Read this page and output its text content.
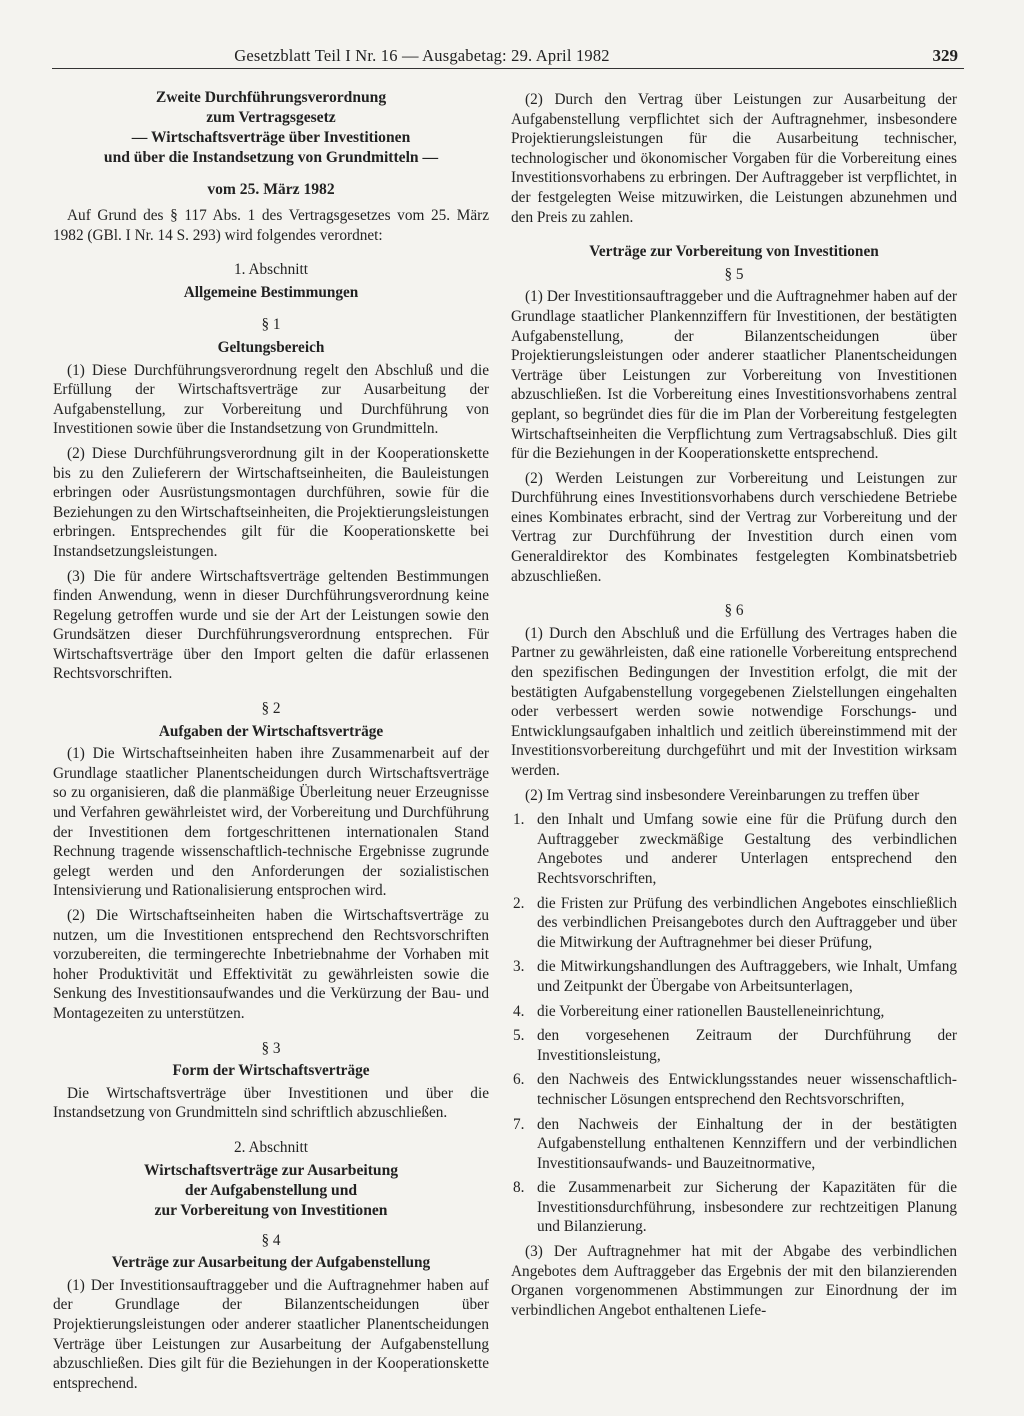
Gesetzblatt Teil I Nr. 16 — Ausgabetag: 29. April 1982	329
Zweite Durchführungsverordnung
zum Vertragsgesetz
— Wirtschaftsverträge über Investitionen
und über die Instandsetzung von Grundmitteln —
vom 25. März 1982

Auf Grund des § 117 Abs. 1 des Vertragsgesetzes vom 25. März 1982 (GBl. I Nr. 14 S. 293) wird folgendes verordnet:

1. Abschnitt
Allgemeine Bestimmungen
§ 1
Geltungsbereich

(1) Diese Durchführungsverordnung regelt den Abschluß und die Erfüllung der Wirtschaftsverträge zur Ausarbeitung der Aufgabenstellung, zur Vorbereitung und Durchführung von Investitionen sowie über die Instandsetzung von Grundmitteln.

(2) Diese Durchführungsverordnung gilt in der Kooperationskette bis zu den Zulieferern der Wirtschaftseinheiten, die Bauleistungen erbringen oder Ausrüstungsmontagen durchführen, sowie für die Beziehungen zu den Wirtschaftseinheiten, die Projektierungsleistungen erbringen. Entsprechendes gilt für die Kooperationskette bei Instandsetzungsleistungen.

(3) Die für andere Wirtschaftsverträge geltenden Bestimmungen finden Anwendung, wenn in dieser Durchführungsverordnung keine Regelung getroffen wurde und sie der Art der Leistungen sowie den Grundsätzen dieser Durchführungsverordnung entsprechen. Für Wirtschaftsverträge über den Import gelten die dafür erlassenen Rechtsvorschriften.

§ 2
Aufgaben der Wirtschaftsverträge

(1) Die Wirtschaftseinheiten haben ihre Zusammenarbeit auf der Grundlage staatlicher Planentscheidungen durch Wirtschaftsverträge so zu organisieren, daß die planmäßige Überleitung neuer Erzeugnisse und Verfahren gewährleistet wird, der Vorbereitung und Durchführung der Investitionen dem fortgeschrittenen internationalen Stand Rechnung tragende wissenschaftlich-technische Ergebnisse zugrunde gelegt werden und den Anforderungen der sozialistischen Intensivierung und Rationalisierung entsprochen wird.

(2) Die Wirtschaftseinheiten haben die Wirtschaftsverträge zu nutzen, um die Investitionen entsprechend den Rechtsvorschriften vorzubereiten, die termingerechte Inbetriebnahme der Vorhaben mit hoher Produktivität und Effektivität zu gewährleisten sowie die Senkung des Investitionsaufwandes und die Verkürzung der Bau- und Montagezeiten zu unterstützen.

§ 3
Form der Wirtschaftsverträge

Die Wirtschaftsverträge über Investitionen und über die Instandsetzung von Grundmitteln sind schriftlich abzuschließen.

2. Abschnitt
Wirtschaftsverträge zur Ausarbeitung
der Aufgabenstellung und
zur Vorbereitung von Investitionen
§ 4
Verträge zur Ausarbeitung der Aufgabenstellung

(1) Der Investitionsauftraggeber und die Auftragnehmer haben auf der Grundlage der Bilanzentscheidungen über Projektierungsleistungen oder anderer staatlicher Planentscheidungen Verträge über Leistungen zur Ausarbeitung der Aufgabenstellung abzuschließen. Dies gilt für die Beziehungen in der Kooperationskette entsprechend.

(2) Durch den Vertrag über Leistungen zur Ausarbeitung der Aufgabenstellung verpflichtet sich der Auftragnehmer, insbesondere Projektierungsleistungen für die Ausarbeitung technischer, technologischer und ökonomischer Vorgaben für die Vorbereitung eines Investitionsvorhabens zu erbringen. Der Auftraggeber ist verpflichtet, in der festgelegten Weise mitzuwirken, die Leistungen abzunehmen und den Preis zu zahlen.

Verträge zur Vorbereitung von Investitionen
§ 5

(1) Der Investitionsauftraggeber und die Auftragnehmer haben auf der Grundlage staatlicher Plankennziffern für Investitionen, der bestätigten Aufgabenstellung, der Bilanzentscheidungen über Projektierungsleistungen oder anderer staatlicher Planentscheidungen Verträge über Leistungen zur Vorbereitung von Investitionen abzuschließen. Ist die Vorbereitung eines Investitionsvorhabens zentral geplant, so begründet dies für die im Plan der Vorbereitung festgelegten Wirtschaftseinheiten die Verpflichtung zum Vertragsabschluß. Dies gilt für die Beziehungen in der Kooperationskette entsprechend.

(2) Werden Leistungen zur Vorbereitung und Leistungen zur Durchführung eines Investitionsvorhabens durch verschiedene Betriebe eines Kombinates erbracht, sind der Vertrag zur Vorbereitung und der Vertrag zur Durchführung der Investition durch einen vom Generaldirektor des Kombinates festgelegten Kombinatsbetrieb abzuschließen.

§ 6

(1) Durch den Abschluß und die Erfüllung des Vertrages haben die Partner zu gewährleisten, daß eine rationelle Vorbereitung entsprechend den spezifischen Bedingungen der Investition erfolgt, die mit der bestätigten Aufgabenstellung vorgegebenen Zielstellungen eingehalten oder verbessert werden sowie notwendige Forschungs- und Entwicklungsaufgaben inhaltlich und zeitlich übereinstimmend mit der Investitionsvorbereitung durchgeführt und mit der Investition wirksam werden.

(2) Im Vertrag sind insbesondere Vereinbarungen zu treffen über

1. den Inhalt und Umfang sowie eine für die Prüfung durch den Auftraggeber zweckmäßige Gestaltung des verbindlichen Angebotes und anderer Unterlagen entsprechend den Rechtsvorschriften,
2. die Fristen zur Prüfung des verbindlichen Angebotes einschließlich des verbindlichen Preisangebotes durch den Auftraggeber und über die Mitwirkung der Auftragnehmer bei dieser Prüfung,
3. die Mitwirkungshandlungen des Auftraggebers, wie Inhalt, Umfang und Zeitpunkt der Übergabe von Arbeitsunterlagen,
4. die Vorbereitung einer rationellen Baustelleneinrichtung,
5. den vorgesehenen Zeitraum der Durchführung der Investitionsleistung,
6. den Nachweis des Entwicklungsstandes neuer wissenschaftlich-technischer Lösungen entsprechend den Rechtsvorschriften,
7. den Nachweis der Einhaltung der in der bestätigten Aufgabenstellung enthaltenen Kennziffern und der verbindlichen Investitionsaufwands- und Bauzeitnormative,
8. die Zusammenarbeit zur Sicherung der Kapazitäten für die Investitionsdurchführung, insbesondere zur rechtzeitigen Planung und Bilanzierung.

(3) Der Auftragnehmer hat mit der Abgabe des verbindlichen Angebotes dem Auftraggeber das Ergebnis der mit den bilanzierenden Organen vorgenommenen Abstimmungen zur Einordnung der im verbindlichen Angebot enthaltenen Liefe-
